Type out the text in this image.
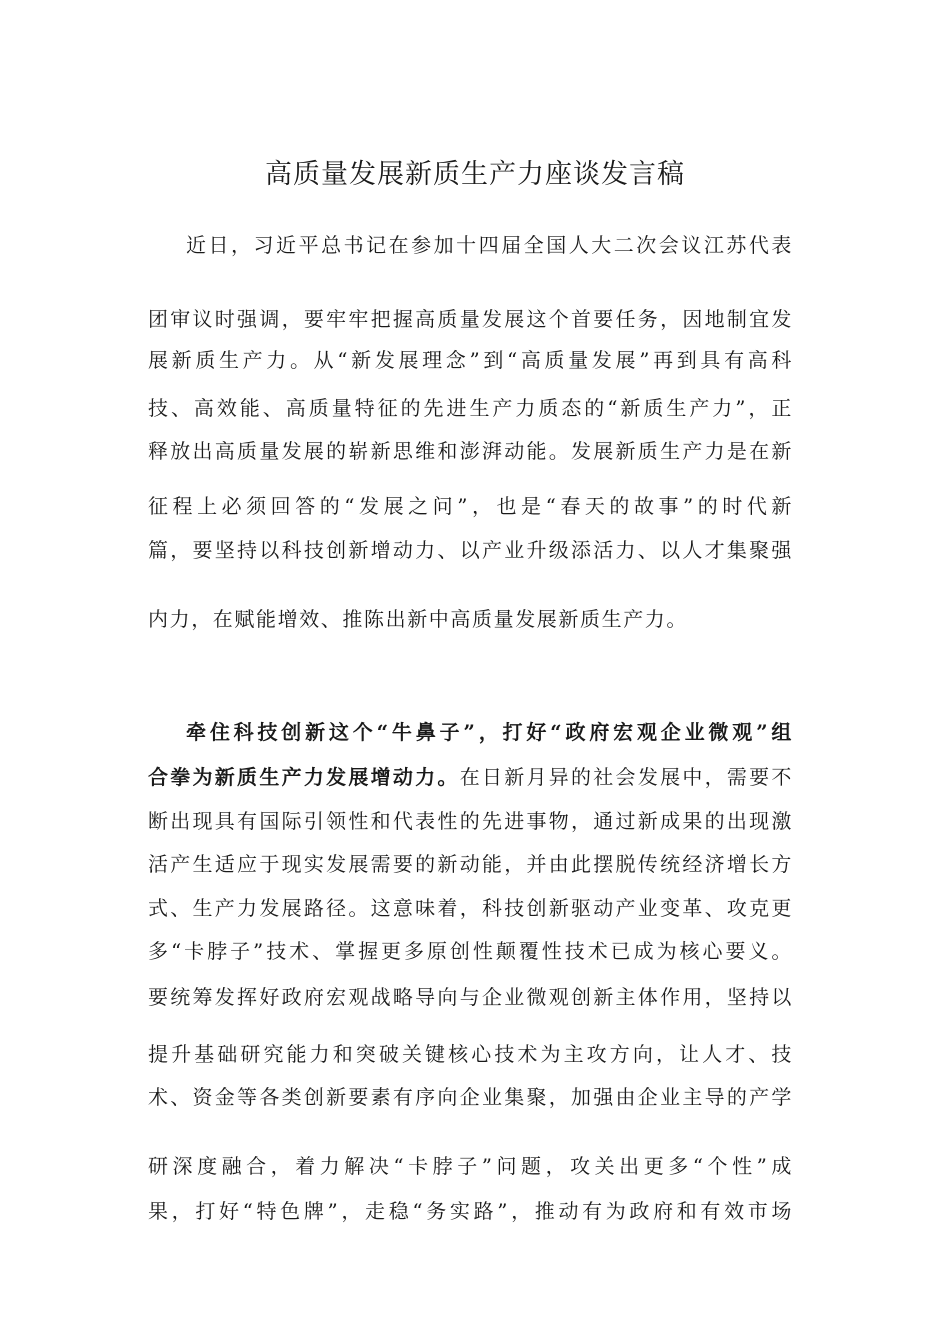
高质量发展新质生产力座谈发言稿
近日，习近平总书记在参加十四届全国人大二次会议江苏代表
团审议时强调，要牢牢把握高质量发展这个首要任务，因地制宜发
展新质生产力。从“新发展理念”到“高质量发展”再到具有高科
技、高效能、高质量特征的先进生产力质态的“新质生产力”，正
释放出高质量发展的崭新思维和澎湃动能。发展新质生产力是在新
征程上必须回答的“发展之问”，也是“春天的故事”的时代新
篇，要坚持以科技创新增动力、以产业升级添活力、以人才集聚强
内力，在赋能增效、推陈出新中高质量发展新质生产力。
牵住科技创新这个“牛鼻子”，打好“政府宏观企业微观”组
合拳为新质生产力发展增动力。在日新月异的社会发展中，需要不
断出现具有国际引领性和代表性的先进事物，通过新成果的出现激
活产生适应于现实发展需要的新动能，并由此摆脱传统经济增长方
式、生产力发展路径。这意味着，科技创新驱动产业变革、攻克更
多“卡脖子”技术、掌握更多原创性颠覆性技术已成为核心要义。
要统筹发挥好政府宏观战略导向与企业微观创新主体作用，坚持以
提升基础研究能力和突破关键核心技术为主攻方向，让人才、技
术、资金等各类创新要素有序向企业集聚，加强由企业主导的产学
研深度融合，着力解决“卡脖子”问题，攻关出更多“个性”成
果，打好“特色牌”，走稳“务实路”，推动有为政府和有效市场
